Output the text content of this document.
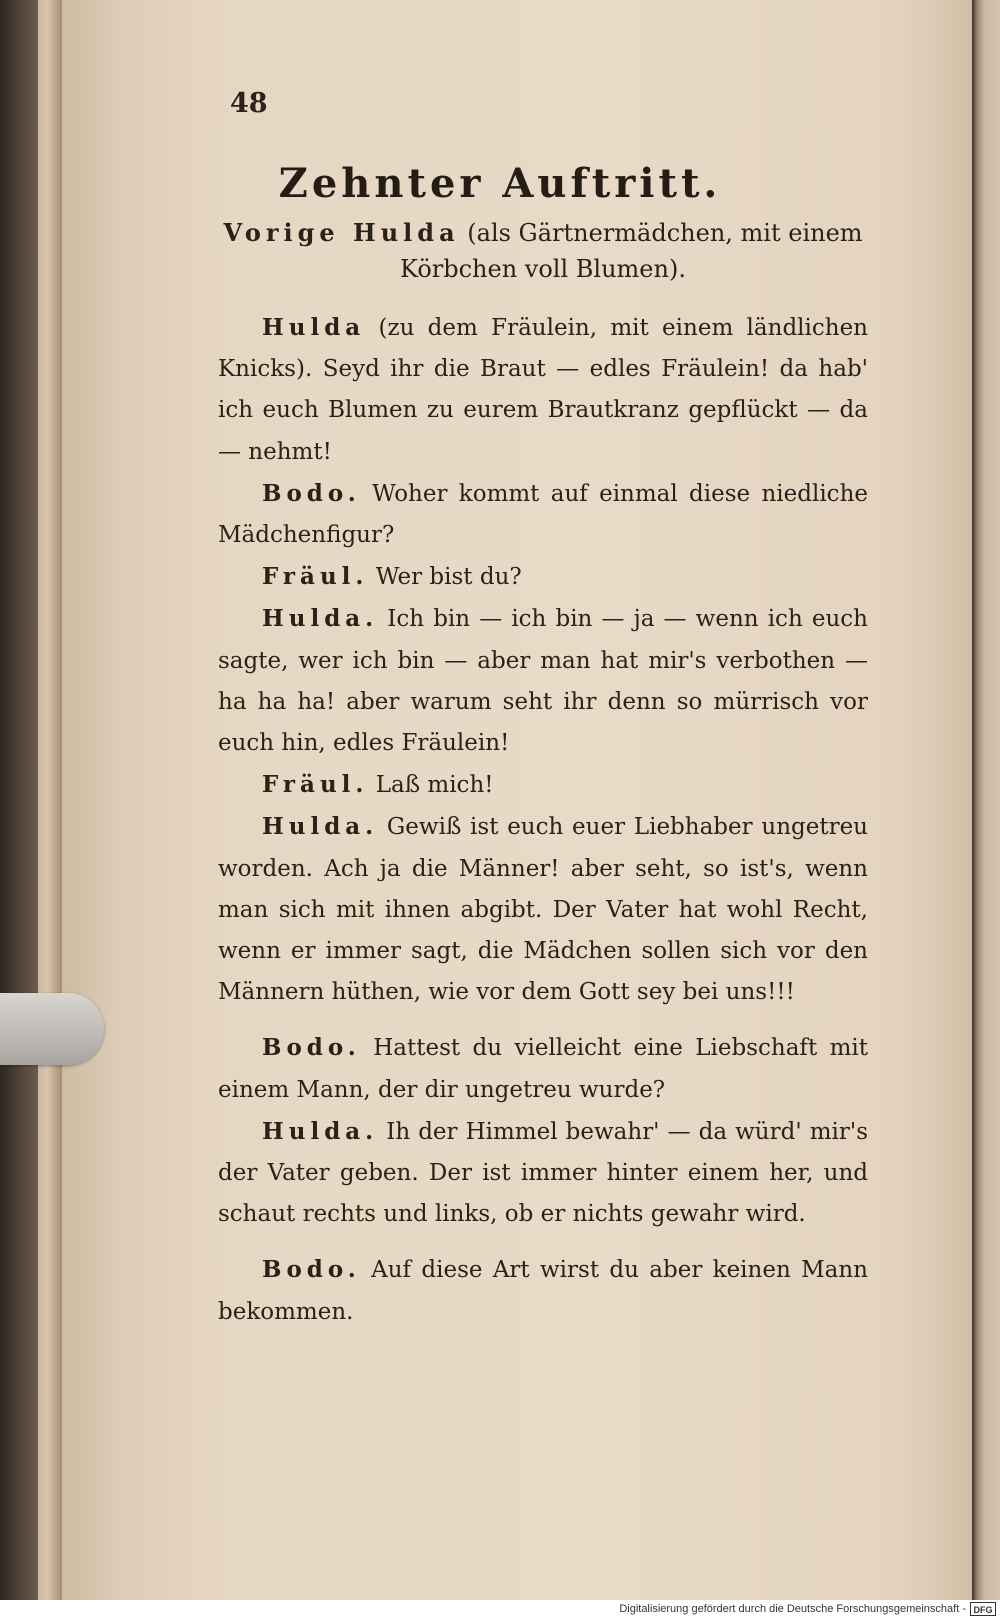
48
Zehnter Auftritt.

Vorige Hulda (als Gärtnermädchen, mit einem Körbchen voll Blumen).

Hulda (zu dem Fräulein, mit einem ländlichen Knicks). Seyd ihr die Braut — edles Fräulein! da hab' ich euch Blumen zu eurem Brautkranz gepflückt — da — nehmt!

Bodo. Woher kommt auf einmal diese niedliche Mädchenfigur?

Fräul. Wer bist du?

Hulda. Ich bin — ich bin — ja — wenn ich euch sagte, wer ich bin — aber man hat mir's verbothen — ha ha ha! aber warum seht ihr denn so mürrisch vor euch hin, edles Fräulein!

Fräul. Laß mich!

Hulda. Gewiß ist euch euer Liebhaber ungetreu worden. Ach ja die Männer! aber seht, so ist's, wenn man sich mit ihnen abgibt. Der Vater hat wohl Recht, wenn er immer sagt, die Mädchen sollen sich vor den Männern hüthen, wie vor dem Gott sey bei uns!!!

Bodo. Hattest du vielleicht eine Liebschaft mit einem Mann, der dir ungetreu wurde?

Hulda. Ih der Himmel bewahr' — da würd' mir's der Vater geben. Der ist immer hinter einem her, und schaut rechts und links, ob er nichts gewahr wird.

Bodo. Auf diese Art wirst du aber keinen Mann bekommen.

Digitalisierung gefördert durch die Deutsche Forschungsgemeinschaft - DFG
